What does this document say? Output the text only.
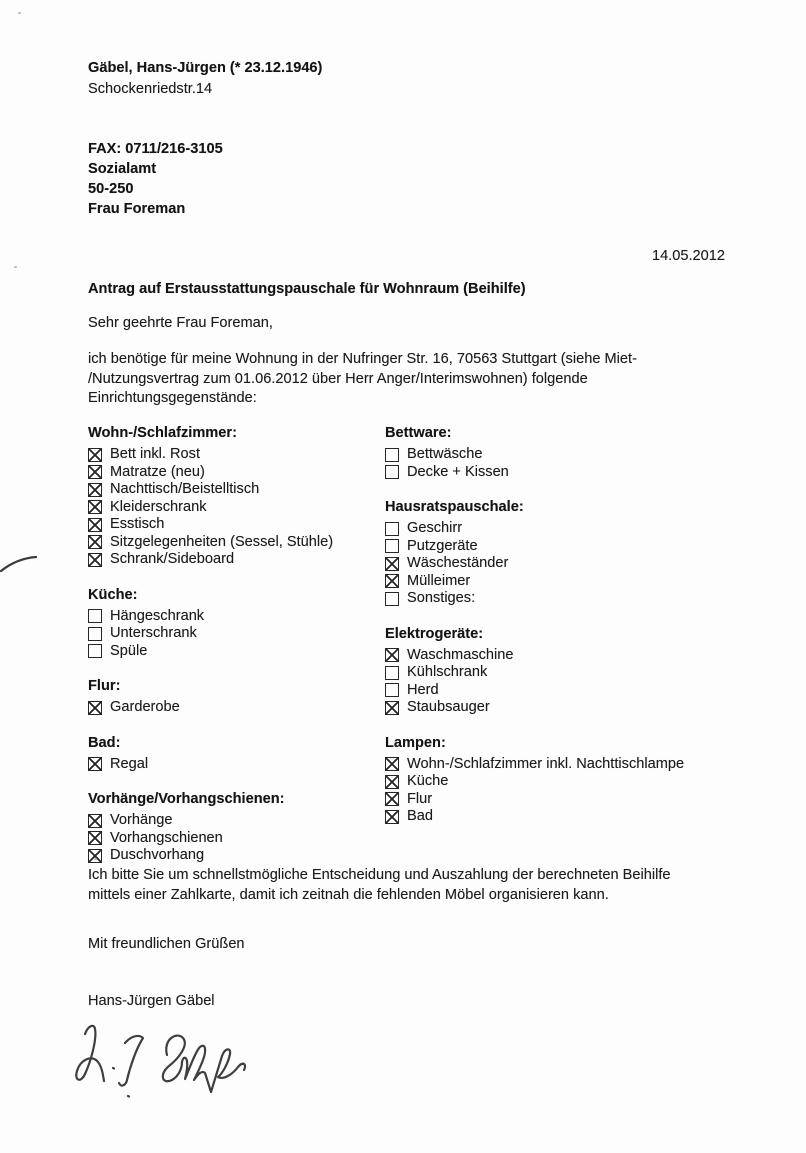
Gäbel, Hans-Jürgen (* 23.12.1946)
Schockenriedstr.14
FAX: 0711/216-3105
Sozialamt
50-250
Frau Foreman
14.05.2012
Antrag auf Erstausstattungspauschale für Wohnraum (Beihilfe)
Sehr geehrte Frau Foreman,
ich benötige für meine Wohnung in der Nufringer Str. 16, 70563 Stuttgart (siehe Miet-
/Nutzungsvertrag zum 01.06.2012 über Herr Anger/Interimswohnen) folgende
Einrichtungsgegenstände:
Wohn-/Schlafzimmer:
Bett inkl. Rost
Matratze (neu)
Nachttisch/Beistelltisch
Kleiderschrank
Esstisch
Sitzgelegenheiten (Sessel, Stühle)
Schrank/Sideboard
Küche:
Hängeschrank
Unterschrank
Spüle
Flur:
Garderobe
Bad:
Regal
Vorhänge/Vorhangschienen:
Vorhänge
Vorhangschienen
Duschvorhang
Bettware:
Bettwäsche
Decke + Kissen
Hausratspauschale:
Geschirr
Putzgeräte
Wäscheständer
Mülleimer
Sonstiges:
Elektrogeräte:
Waschmaschine
Kühlschrank
Herd
Staubsauger
Lampen:
Wohn-/Schlafzimmer inkl. Nachttischlampe
Küche
Flur
Bad
Ich bitte Sie um schnellstmögliche Entscheidung und Auszahlung der berechneten Beihilfe
mittels einer Zahlkarte, damit ich zeitnah die fehlenden Möbel organisieren kann.
Mit freundlichen Grüßen
Hans-Jürgen Gäbel
